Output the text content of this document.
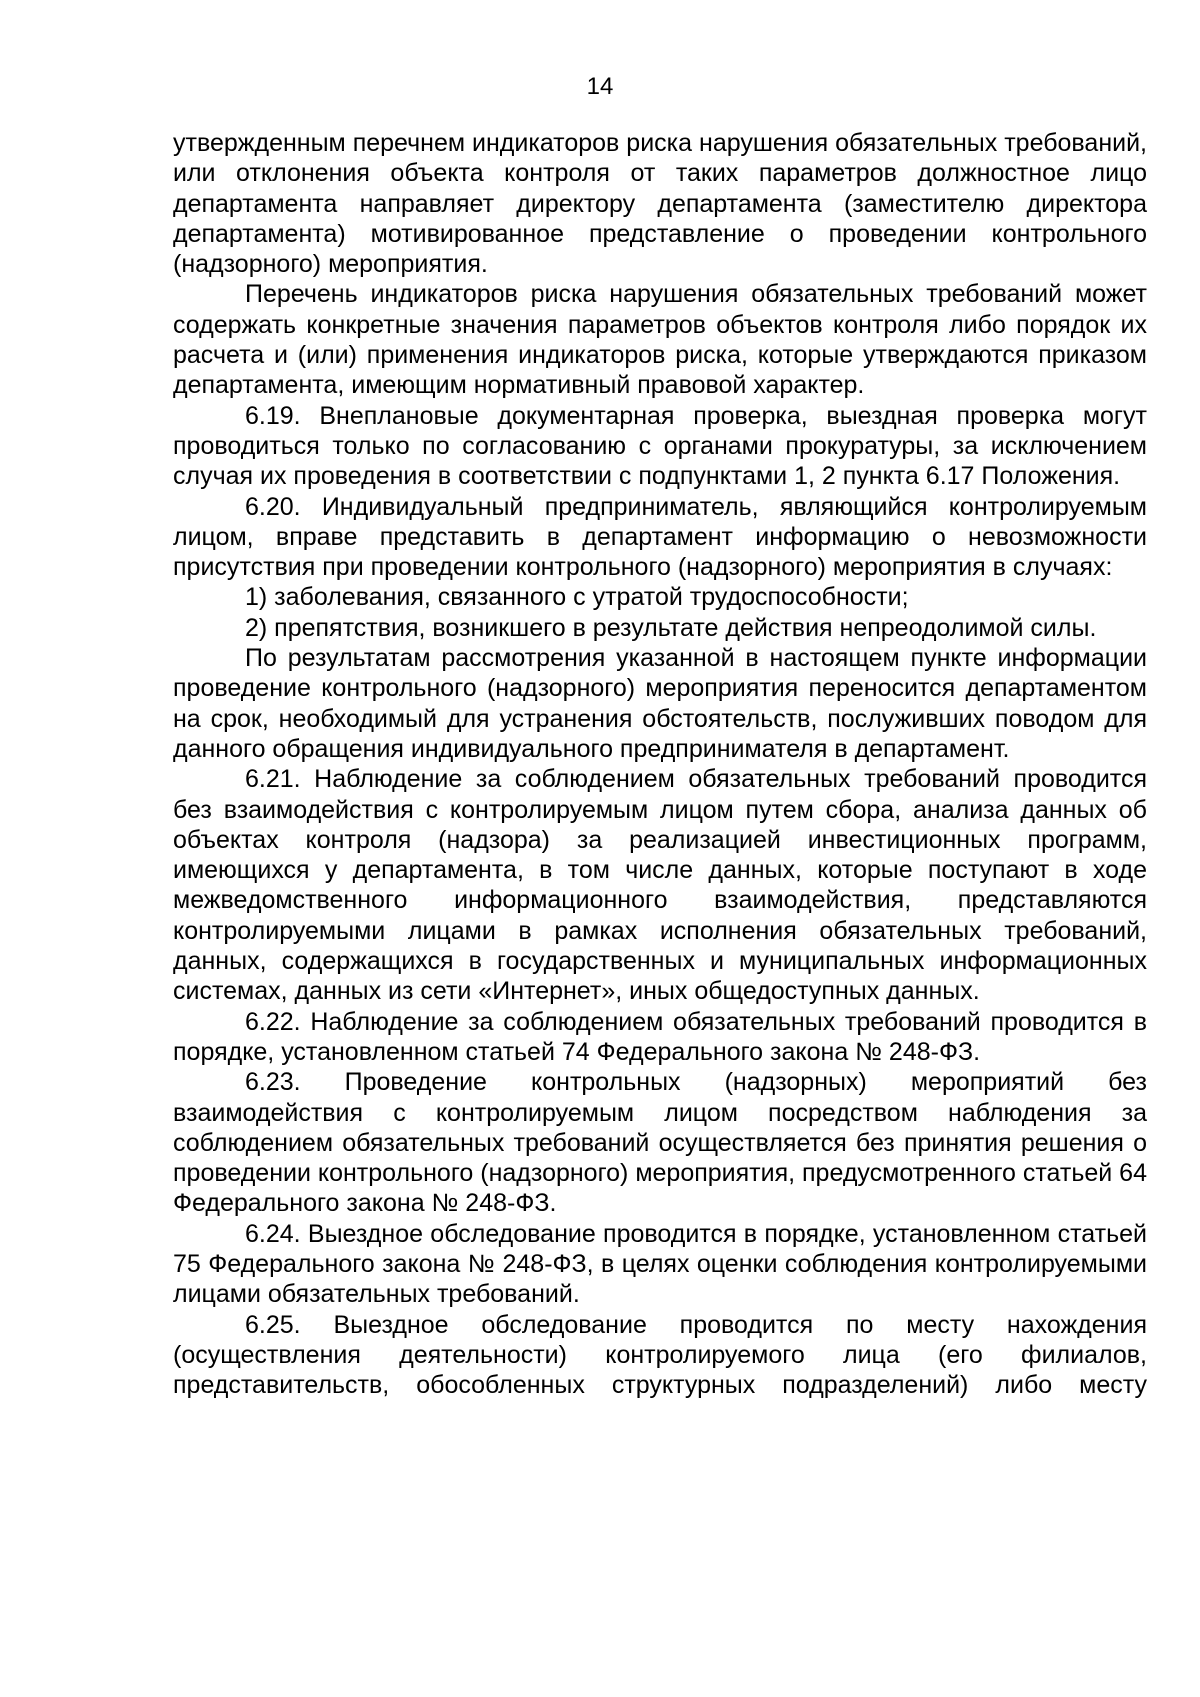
14

утвержденным перечнем индикаторов риска нарушения обязательных требований, или отклонения объекта контроля от таких параметров должностное лицо департамента направляет директору департамента (заместителю директора департамента) мотивированное представление о проведении контрольного (надзорного) мероприятия.

Перечень индикаторов риска нарушения обязательных требований может содержать конкретные значения параметров объектов контроля либо порядок их расчета и (или) применения индикаторов риска, которые утверждаются приказом департамента, имеющим нормативный правовой характер.

6.19. Внеплановые документарная проверка, выездная проверка могут проводиться только по согласованию с органами прокуратуры, за исключением случая их проведения в соответствии с подпунктами 1, 2 пункта 6.17 Положения.

6.20. Индивидуальный предприниматель, являющийся контролируемым лицом, вправе представить в департамент информацию о невозможности присутствия при проведении контрольного (надзорного) мероприятия в случаях:

1) заболевания, связанного с утратой трудоспособности;

2) препятствия, возникшего в результате действия непреодолимой силы.

По результатам рассмотрения указанной в настоящем пункте информации проведение контрольного (надзорного) мероприятия переносится департаментом на срок, необходимый для устранения обстоятельств, послуживших поводом для данного обращения индивидуального предпринимателя в департамент.

6.21. Наблюдение за соблюдением обязательных требований проводится без взаимодействия с контролируемым лицом путем сбора, анализа данных об объектах контроля (надзора) за реализацией инвестиционных программ, имеющихся у департамента, в том числе данных, которые поступают в ходе межведомственного информационного взаимодействия, представляются контролируемыми лицами в рамках исполнения обязательных требований, данных, содержащихся в государственных и муниципальных информационных системах, данных из сети «Интернет», иных общедоступных данных.

6.22. Наблюдение за соблюдением обязательных требований проводится в порядке, установленном статьей 74 Федерального закона № 248-ФЗ.

6.23. Проведение контрольных (надзорных) мероприятий без взаимодействия с контролируемым лицом посредством наблюдения за соблюдением обязательных требований осуществляется без принятия решения о проведении контрольного (надзорного) мероприятия, предусмотренного статьей 64 Федерального закона № 248-ФЗ.

6.24. Выездное обследование проводится в порядке, установленном статьей 75 Федерального закона № 248-ФЗ, в целях оценки соблюдения контролируемыми лицами обязательных требований.

6.25. Выездное обследование проводится по месту нахождения (осуществления деятельности) контролируемого лица (его филиалов, представительств, обособленных структурных подразделений) либо месту
